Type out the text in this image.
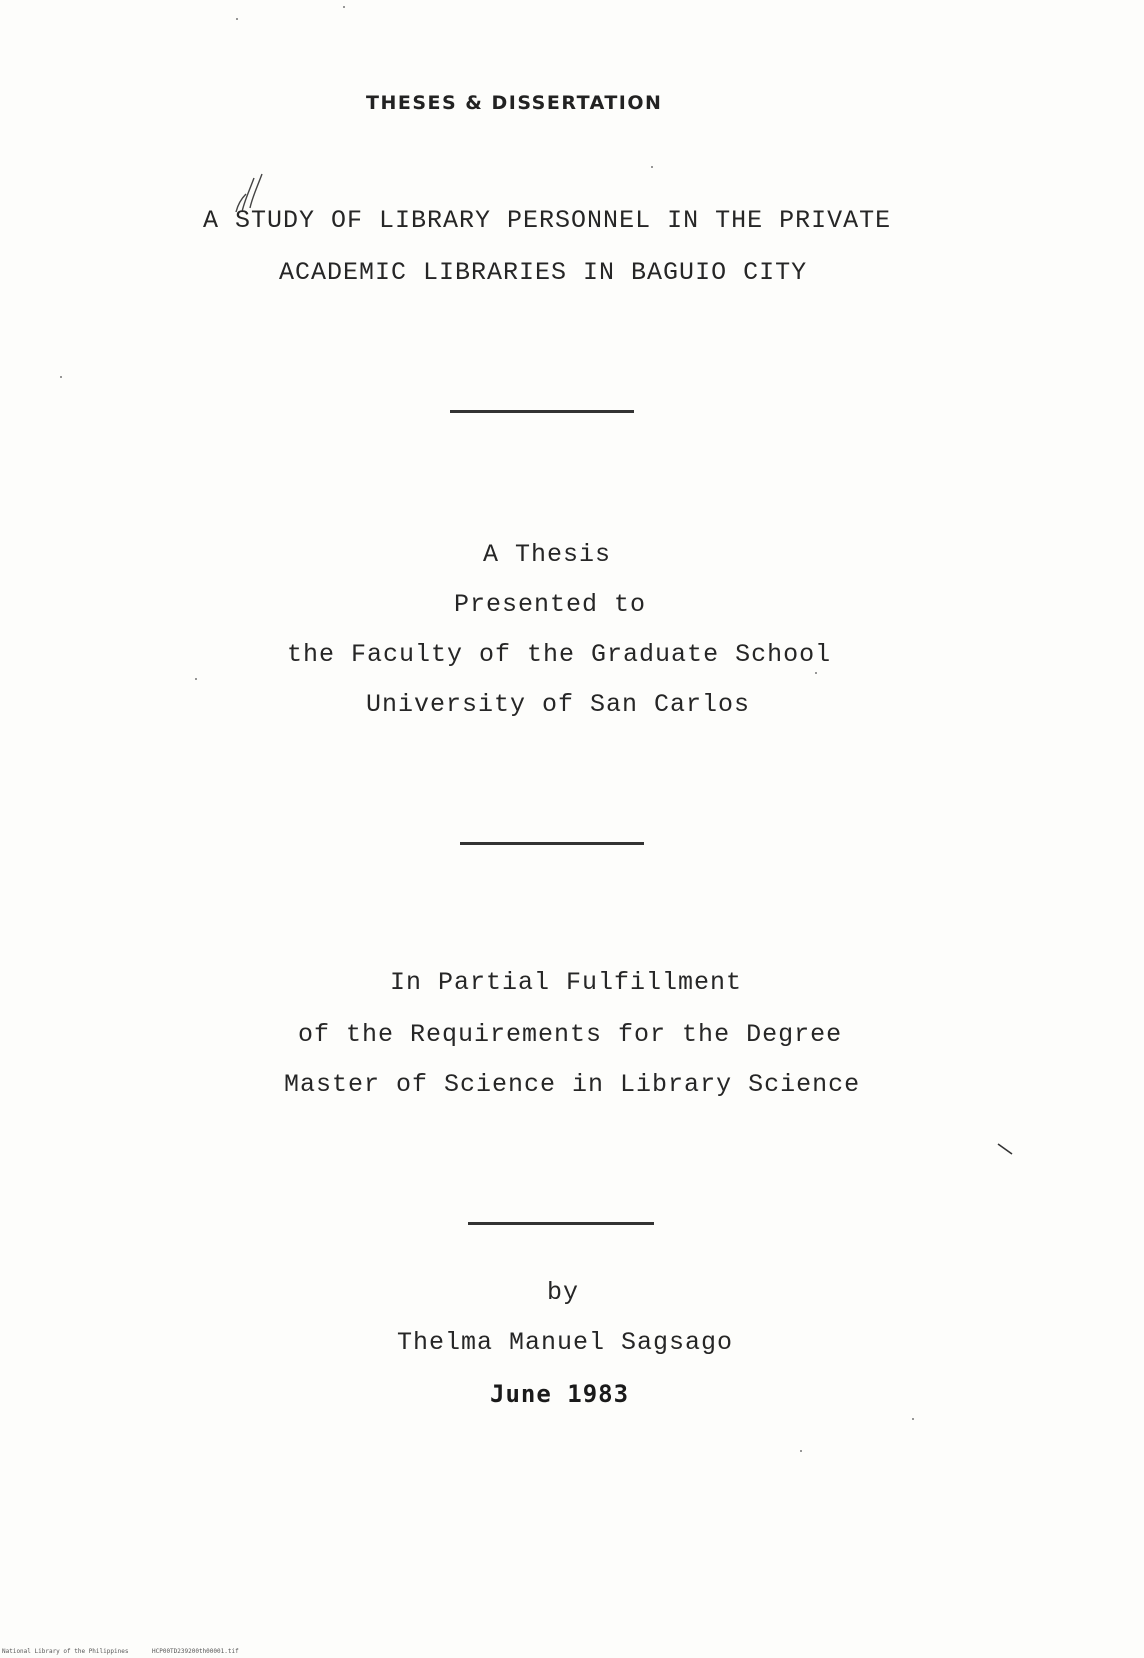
THESES & DISSERTATION
A STUDY OF LIBRARY PERSONNEL IN THE PRIVATE
ACADEMIC LIBRARIES IN BAGUIO CITY
A Thesis
Presented to
the Faculty of the Graduate School
University of San Carlos
In Partial Fulfillment
of the Requirements for the Degree
Master of Science in Library Science
by
Thelma Manuel Sagsago
June 1983
National Library of the Philippines	HCP00TD239200th00001.tif
